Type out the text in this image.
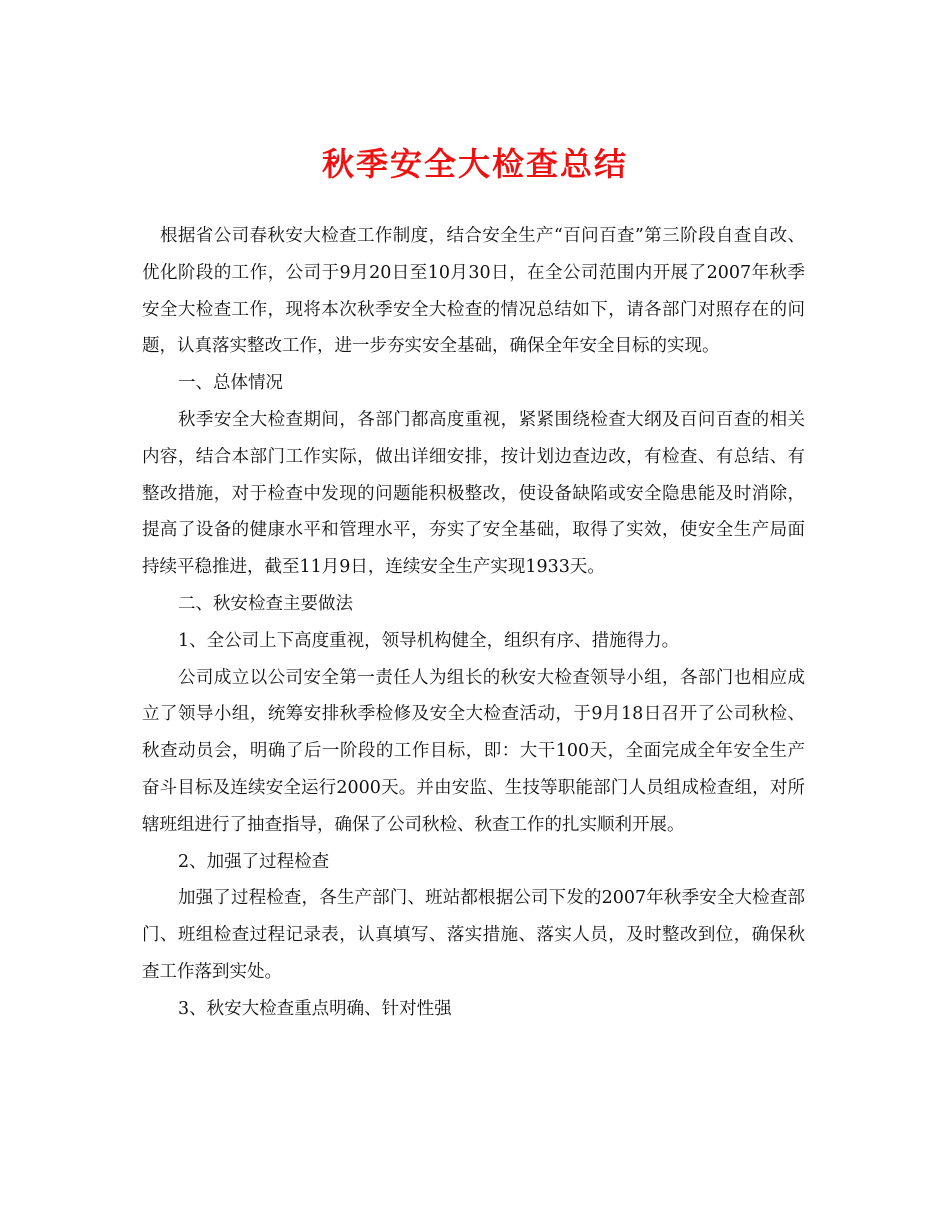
秋季安全大检查总结

根据省公司春秋安大检查工作制度，结合安全生产“百问百查”第三阶段自查自改、优化阶段的工作，公司于9月20日至10月30日，在全公司范围内开展了2007年秋季安全大检查工作，现将本次秋季安全大检查的情况总结如下，请各部门对照存在的问题，认真落实整改工作，进一步夯实安全基础，确保全年安全目标的实现。

一、总体情况

秋季安全大检查期间，各部门都高度重视，紧紧围绕检查大纲及百问百查的相关内容，结合本部门工作实际，做出详细安排，按计划边查边改，有检查、有总结、有整改措施，对于检查中发现的问题能积极整改，使设备缺陷或安全隐患能及时消除，提高了设备的健康水平和管理水平，夯实了安全基础，取得了实效，使安全生产局面持续平稳推进，截至11月9日，连续安全生产实现1933天。

二、秋安检查主要做法

1、全公司上下高度重视，领导机构健全，组织有序、措施得力。

公司成立以公司安全第一责任人为组长的秋安大检查领导小组，各部门也相应成立了领导小组，统筹安排秋季检修及安全大检查活动，于9月18日召开了公司秋检、秋查动员会，明确了后一阶段的工作目标，即：大干100天，全面完成全年安全生产奋斗目标及连续安全运行2000天。并由安监、生技等职能部门人员组成检查组，对所辖班组进行了抽查指导，确保了公司秋检、秋查工作的扎实顺利开展。

2、加强了过程检查

加强了过程检查，各生产部门、班站都根据公司下发的2007年秋季安全大检查部门、班组检查过程记录表，认真填写、落实措施、落实人员，及时整改到位，确保秋查工作落到实处。

3、秋安大检查重点明确、针对性强
